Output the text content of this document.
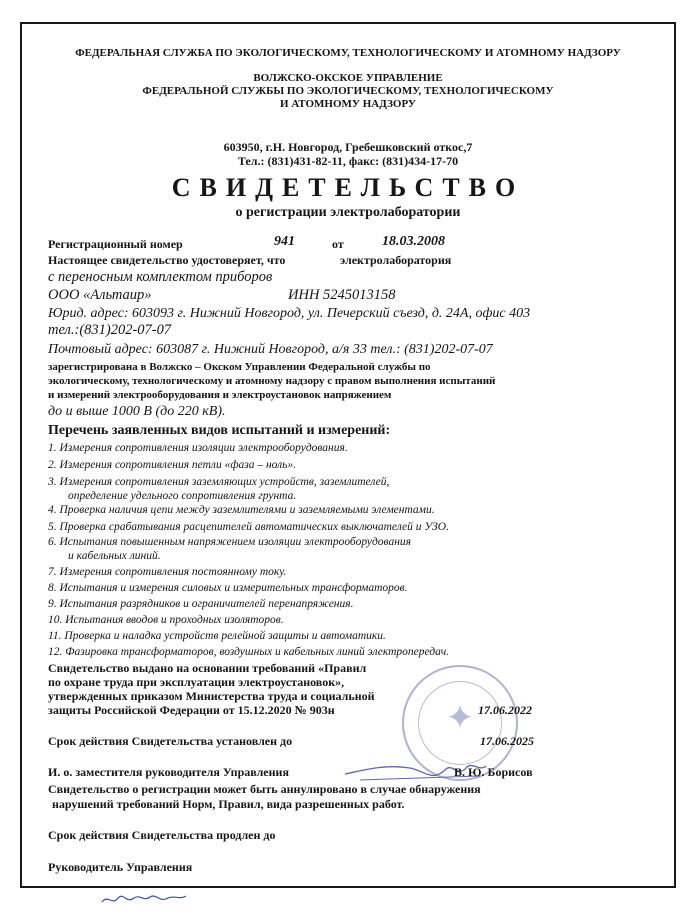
ФЕДЕРАЛЬНАЯ СЛУЖБА ПО ЭКОЛОГИЧЕСКОМУ, ТЕХНОЛОГИЧЕСКОМУ И АТОМНОМУ НАДЗОРУ
ВОЛЖСКО-ОКСКОЕ УПРАВЛЕНИЕ
ФЕДЕРАЛЬНОЙ СЛУЖБЫ ПО ЭКОЛОГИЧЕСКОМУ, ТЕХНОЛОГИЧЕСКОМУ
И АТОМНОМУ НАДЗОРУ
603950, г.Н. Новгород, Гребешковский откос,7
Тел.: (831)431-82-11, факс: (831)434-17-70
СВИДЕТЕЛЬСТВО
о регистрации электролаборатории
Регистрационный номер	941	от	18.03.2008
Настоящее свидетельство удостоверяет, что	электролаборатория
с переносным комплектом приборов
ООО «Альтаир»	ИНН 5245013158
Юрид. адрес: 603093 г. Нижний Новгород, ул. Печерский съезд, д. 24А, офис 403
тел.:(831)202-07-07
Почтовый адрес: 603087 г. Нижний Новгород, а/я 33 тел.: (831)202-07-07
зарегистрирована в Волжско – Окском Управлении Федеральной службы по
экологическому, технологическому и атомному надзору с правом выполнения испытаний
и измерений электрооборудования и электроустановок напряжением
до и выше 1000 В (до 220 кВ).
Перечень заявленных видов испытаний и измерений:
1. Измерения сопротивления изоляции электрооборудования.
2. Измерения сопротивления петли «фаза – ноль».
3. Измерения сопротивления заземляющих устройств, заземлителей,
определение удельного сопротивления грунта.
4. Проверка наличия цепи между заземлителями и заземляемыми элементами.
5. Проверка срабатывания расцепителей автоматических выключателей и УЗО.
6. Испытания повышенным напряжением изоляции электрооборудования
и кабельных линий.
7. Измерения сопротивления постоянному току.
8. Испытания и измерения силовых и измерительных трансформаторов.
9. Испытания разрядников и ограничителей перенапряжения.
10. Испытания вводов и проходных изоляторов.
11. Проверка и наладка устройств релейной защиты и автоматики.
12. Фазировка трансформаторов, воздушных и кабельных линий электропередач.
Свидетельство выдано на основании требований «Правил
по охране труда при эксплуатации электроустановок»,
утвержденных приказом Министерства труда и социальной
защиты Российской Федерации от 15.12.2020 № 903н	✦ 17.06.2022
Срок действия Свидетельства установлен до	17.06.2025
И. о. заместителя руководителя Управления	В. Ю. Борисов
Свидетельство о регистрации может быть аннулировано в случае обнаружения
нарушений требований Норм, Правил, вида разрешенных работ.
Срок действия Свидетельства продлен до
Руководитель Управления
